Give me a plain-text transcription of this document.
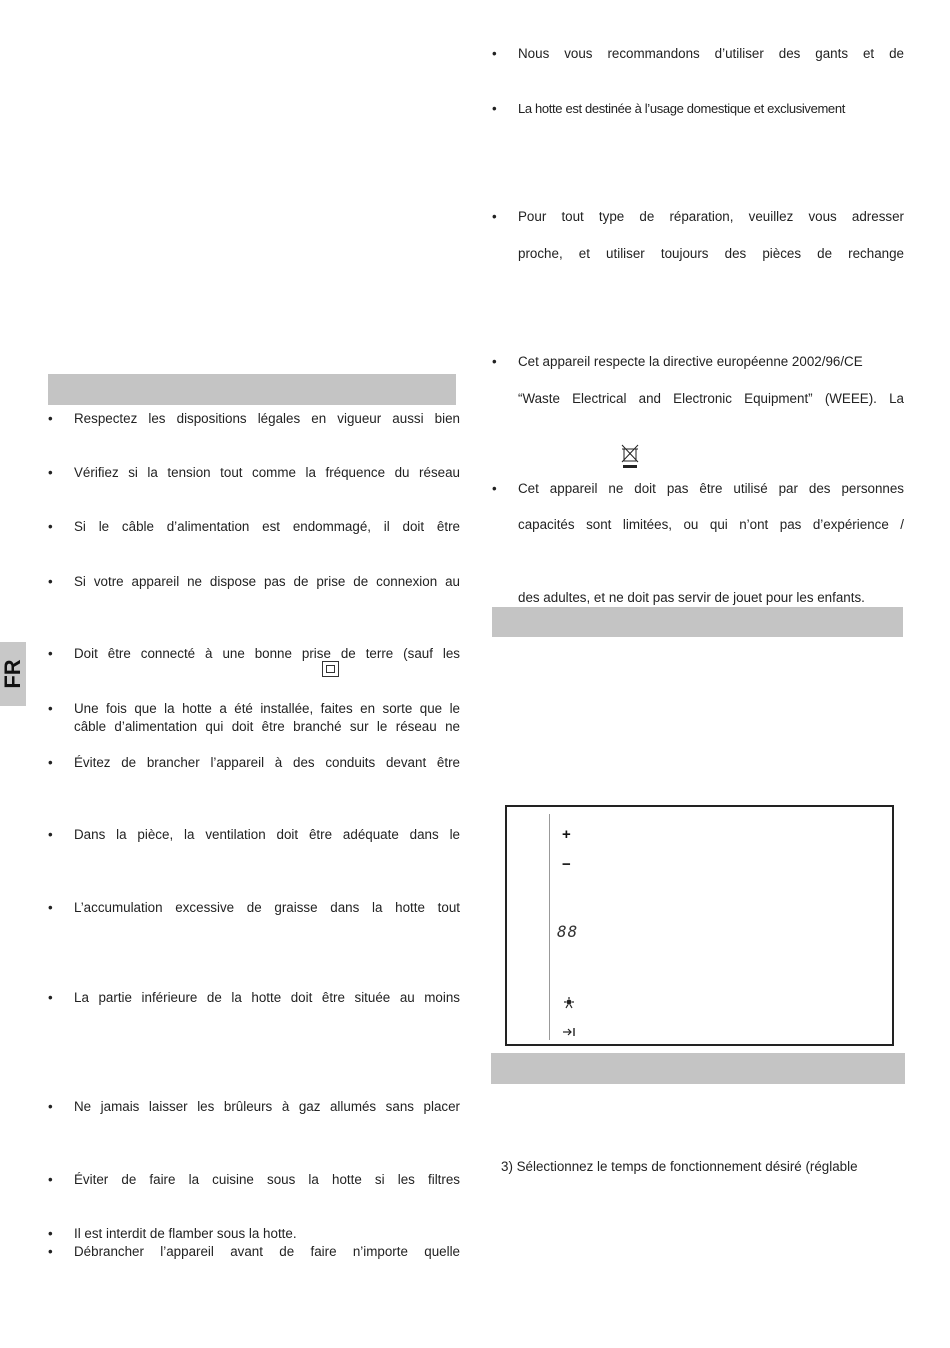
FR
• Respectez les dispositions légales en vigueur aussi bien
• Vérifiez si la tension tout comme la fréquence du réseau
• Si le câble d’alimentation est endommagé, il doit être
• Si votre appareil ne dispose pas de prise de connexion au
• Doit être connecté à une bonne prise de terre (sauf les
• Une fois que la hotte a été installée, faites en sorte que le
câble d’alimentation qui doit être branché sur le réseau ne
• Évitez de brancher l’appareil à des conduits devant être
• Dans la pièce, la ventilation doit être adéquate dans le
• L’accumulation excessive de graisse dans la hotte tout
• La partie inférieure de la hotte doit être située au moins
• Ne jamais laisser les brûleurs à gaz allumés sans placer
• Éviter de faire la cuisine sous la hotte si les filtres
• Il est interdit de flamber sous la hotte.
• Débrancher l’appareil avant de faire n’importe quelle
• Nous vous recommandons d’utiliser des gants et de
• La hotte est destinée à l’usage domestique et exclusivement
• Pour tout type de réparation, veuillez vous adresser
proche, et utiliser toujours des pièces de rechange
• Cet appareil respecte la directive européenne 2002/96/CE
“Waste Electrical and Electronic Equipment” (WEEE). La
• Cet appareil ne doit pas être utilisé par des personnes
capacités sont limitées, ou qui n’ont pas d’expérience /
des adultes, et ne doit pas servir de jouet pour les enfants.
+
−
88
3) Sélectionnez le temps de fonctionnement désiré (réglable
